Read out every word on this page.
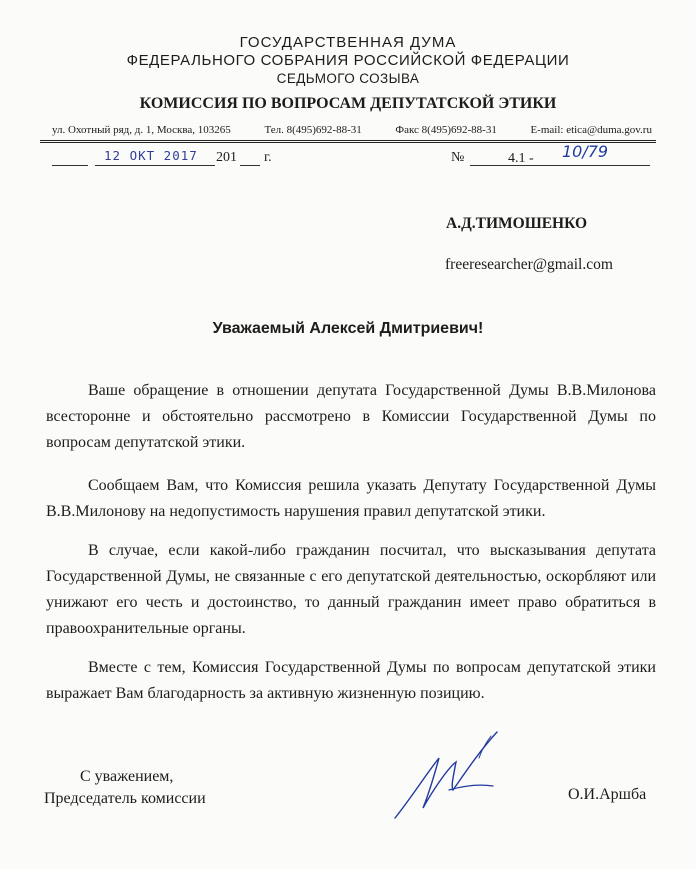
ГОСУДАРСТВЕННАЯ ДУМА
ФЕДЕРАЛЬНОГО СОБРАНИЯ РОССИЙСКОЙ ФЕДЕРАЦИИ
СЕДЬМОГО СОЗЫВА
КОМИССИЯ ПО ВОПРОСАМ ДЕПУТАТСКОЙ ЭТИКИ
ул. Охотный ряд, д. 1, Москва, 103265	Тел. 8(495)692-88-31	Факс 8(495)692-88-31	E-mail: etica@duma.gov.ru
12 ОКТ 2017 201 г.	№	4.1 - 10/79
А.Д.ТИМОШЕНКО
freeresearcher@gmail.com
Уважаемый Алексей Дмитриевич!

Ваше обращение в отношении депутата Государственной Думы В.В.Милонова всесторонне и обстоятельно рассмотрено в Комиссии Государственной Думы по вопросам депутатской этики.

Сообщаем Вам, что Комиссия решила указать Депутату Государственной Думы В.В.Милонову на недопустимость нарушения правил депутатской этики.

В случае, если какой-либо гражданин посчитал, что высказывания депутата Государственной Думы, не связанные с его депутатской деятельностью, оскорбляют или унижают его честь и достоинство, то данный гражданин имеет право обратиться в правоохранительные органы.

Вместе с тем, Комиссия Государственной Думы по вопросам депутатской этики выражает Вам благодарность за активную жизненную позицию.

С уважением,
Председатель комиссии	О.И.Аршба
